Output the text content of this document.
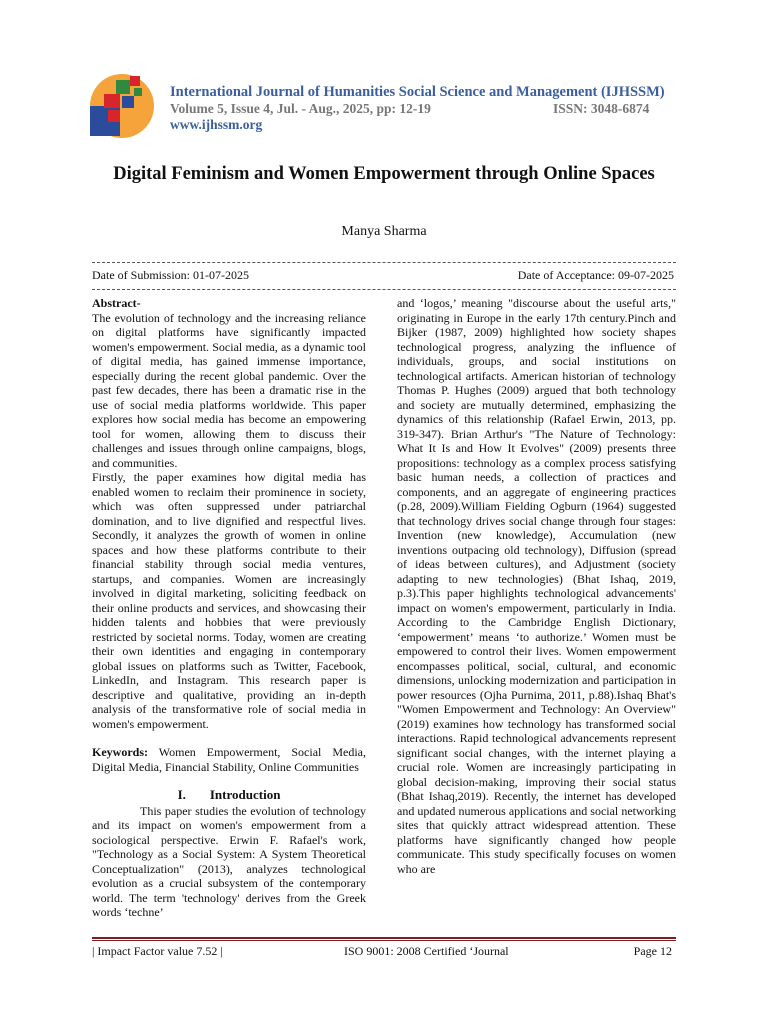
International Journal of Humanities Social Science and Management (IJHSSM)
Volume 5, Issue 4, Jul. - Aug., 2025, pp: 12-19	ISSN: 3048-6874
www.ijhssm.org
Digital Feminism and Women Empowerment through Online Spaces
Manya Sharma
Date of Submission: 01-07-2025	Date of Acceptance: 09-07-2025

Abstract-

The evolution of technology and the increasing reliance on digital platforms have significantly impacted women's empowerment. Social media, as a dynamic tool of digital media, has gained immense importance, especially during the recent global pandemic. Over the past few decades, there has been a dramatic rise in the use of social media platforms worldwide. This paper explores how social media has become an empowering tool for women, allowing them to discuss their challenges and issues through online campaigns, blogs, and communities.

Firstly, the paper examines how digital media has enabled women to reclaim their prominence in society, which was often suppressed under patriarchal domination, and to live dignified and respectful lives. Secondly, it analyzes the growth of women in online spaces and how these platforms contribute to their financial stability through social media ventures, startups, and companies. Women are increasingly involved in digital marketing, soliciting feedback on their online products and services, and showcasing their hidden talents and hobbies that were previously restricted by societal norms. Today, women are creating their own identities and engaging in contemporary global issues on platforms such as Twitter, Facebook, LinkedIn, and Instagram. This research paper is descriptive and qualitative, providing an in-depth analysis of the transformative role of social media in women's empowerment.

Keywords: Women Empowerment, Social Media, Digital Media, Financial Stability, Online Communities

I. Introduction

This paper studies the evolution of technology and its impact on women's empowerment from a sociological perspective. Erwin F. Rafael's work, "Technology as a Social System: A System Theoretical Conceptualization" (2013), analyzes technological evolution as a crucial subsystem of the contemporary world. The term 'technology' derives from the Greek words ‘techne’

and ‘logos,’ meaning "discourse about the useful arts," originating in Europe in the early 17th century.Pinch and Bijker (1987, 2009) highlighted how society shapes technological progress, analyzing the influence of individuals, groups, and social institutions on technological artifacts. American historian of technology Thomas P. Hughes (2009) argued that both technology and society are mutually determined, emphasizing the dynamics of this relationship (Rafael Erwin, 2013, pp. 319-347). Brian Arthur's "The Nature of Technology: What It Is and How It Evolves" (2009) presents three propositions: technology as a complex process satisfying basic human needs, a collection of practices and components, and an aggregate of engineering practices (p.28, 2009).William Fielding Ogburn (1964) suggested that technology drives social change through four stages: Invention (new knowledge), Accumulation (new inventions outpacing old technology), Diffusion (spread of ideas between cultures), and Adjustment (society adapting to new technologies) (Bhat Ishaq, 2019, p.3).This paper highlights technological advancements' impact on women's empowerment, particularly in India. According to the Cambridge English Dictionary, ‘empowerment’ means ‘to authorize.’ Women must be empowered to control their lives. Women empowerment encompasses political, social, cultural, and economic dimensions, unlocking modernization and participation in power resources (Ojha Purnima, 2011, p.88).Ishaq Bhat's "Women Empowerment and Technology: An Overview" (2019) examines how technology has transformed social interactions. Rapid technological advancements represent significant social changes, with the internet playing a crucial role. Women are increasingly participating in global decision-making, improving their social status (Bhat Ishaq,2019). Recently, the internet has developed and updated numerous applications and social networking sites that quickly attract widespread attention. These platforms have significantly changed how people communicate. This study specifically focuses on women who are

| Impact Factor value 7.52 |	ISO 9001: 2008 Certified ‘Journal	Page 12
